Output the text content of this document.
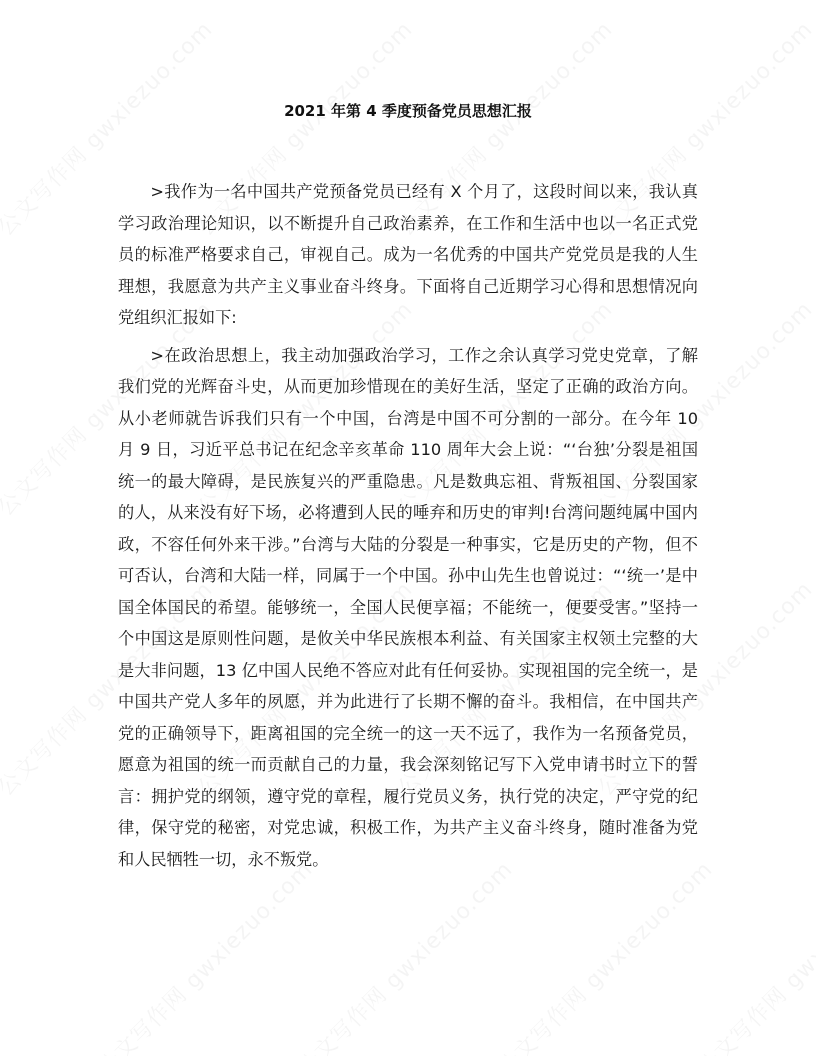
2021 年第 4 季度预备党员思想汇报

>我作为一名中国共产党预备党员已经有 X 个月了，这段时间以来，我认真学习政治理论知识，以不断提升自己政治素养，在工作和生活中也以一名正式党员的标准严格要求自己，审视自己。成为一名优秀的中国共产党党员是我的人生理想，我愿意为共产主义事业奋斗终身。下面将自己近期学习心得和思想情况向党组织汇报如下:

>在政治思想上，我主动加强政治学习，工作之余认真学习党史党章，了解我们党的光辉奋斗史，从而更加珍惜现在的美好生活，坚定了正确的政治方向。从小老师就告诉我们只有一个中国，台湾是中国不可分割的一部分。在今年 10 月 9 日，习近平总书记在纪念辛亥革命 110 周年大会上说：“‘台独’分裂是祖国统一的最大障碍，是民族复兴的严重隐患。凡是数典忘祖、背叛祖国、分裂国家的人，从来没有好下场，必将遭到人民的唾弃和历史的审判!台湾问题纯属中国内政，不容任何外来干涉。”台湾与大陆的分裂是一种事实，它是历史的产物，但不可否认，台湾和大陆一样，同属于一个中国。孙中山先生也曾说过：“‘统一’是中国全体国民的希望。能够统一，全国人民便享福；不能统一，便要受害。”坚持一个中国这是原则性问题，是攸关中华民族根本利益、有关国家主权领土完整的大是大非问题，13 亿中国人民绝不答应对此有任何妥协。实现祖国的完全统一，是中国共产党人多年的夙愿，并为此进行了长期不懈的奋斗。我相信，在中国共产党的正确领导下，距离祖国的完全统一的这一天不远了，我作为一名预备党员，愿意为祖国的统一而贡献自己的力量，我会深刻铭记写下入党申请书时立下的誓言：拥护党的纲领，遵守党的章程，履行党员义务，执行党的决定，严守党的纪律，保守党的秘密，对党忠诚，积极工作，为共产主义奋斗终身，随时准备为党和人民牺牲一切，永不叛党。
